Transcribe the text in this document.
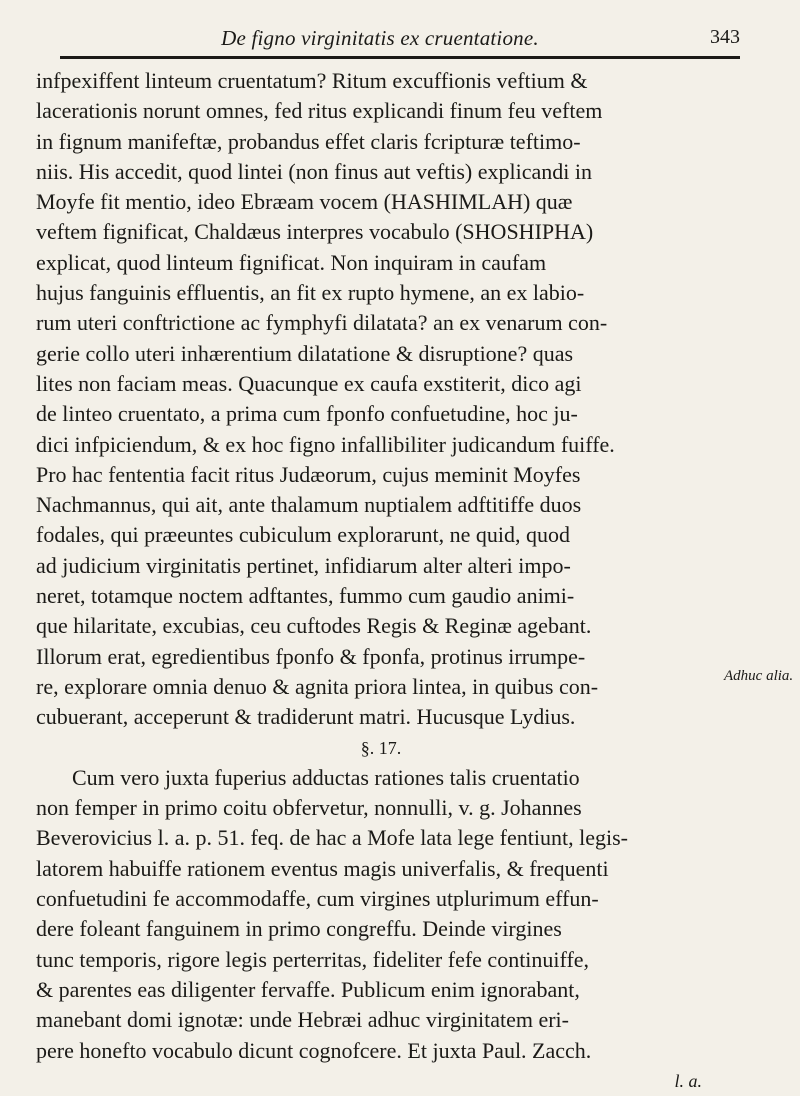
De figno virginitatis ex cruentatione.	343
infpexiffent linteum cruentatum? Ritum excuffionis veftium &
lacerationis norunt omnes, fed ritus explicandi finum feu veftem
in fignum manifeftæ, probandus effet claris fcripturæ teftimo-
niis. His accedit, quod lintei (non finus aut veftis) explicandi in
Moyfe fit mentio, ideo Ebræam vocem (HASHIMLAH) quæ
veftem fignificat, Chaldæus interpres vocabulo (SHOSHIPHA)
explicat, quod linteum fignificat. Non inquiram in caufam
hujus fanguinis effluentis, an fit ex rupto hymene, an ex labio-
rum uteri conftrictione ac fymphyfi dilatata? an ex venarum con-
gerie collo uteri inhærentium dilatatione & disruptione? quas
lites non faciam meas. Quacunque ex caufa exstiterit, dico agi
de linteo cruentato, a prima cum fponfo confuetudine, hoc ju-
dici infpiciendum, & ex hoc figno infallibiliter judicandum fuiffe.
Pro hac fententia facit ritus Judæorum, cujus meminit Moyfes
Nachmannus, qui ait, ante thalamum nuptialem adftitiffe duos
fodales, qui præeuntes cubiculum explorarunt, ne quid, quod
ad judicium virginitatis pertinet, infidiarum alter alteri impo-
neret, totamque noctem adftantes, fummo cum gaudio animi-
que hilaritate, excubias, ceu cuftodes Regis & Reginæ agebant.
Illorum erat, egredientibus fponfo & fponfa, protinus irrumpe-
re, explorare omnia denuo & agnita priora lintea, in quibus con-
cubuerant, acceperunt & tradiderunt matri. Hucusque Lydius.
§. 17.
Cum vero juxta fuperius adductas rationes talis cruentatio
non femper in primo coitu obfervetur, nonnulli, v. g. Johannes
Beverovicius l. a. p. 51. feq. de hac a Mofe lata lege fentiunt, legis-
latorem habuiffe rationem eventus magis univerfalis, & frequenti
confuetudini fe accommodaffe, cum virgines utplurimum effun-
dere foleant fanguinem in primo congreffu. Deinde virgines
tunc temporis, rigore legis perterritas, fideliter fefe continuiffe,
& parentes eas diligenter fervaffe. Publicum enim ignorabant,
manebant domi ignotæ: unde Hebræi adhuc virginitatem eri-
pere honefto vocabulo dicunt cognofcere. Et juxta Paul. Zacch.
l. a.
Adhuc alia.
